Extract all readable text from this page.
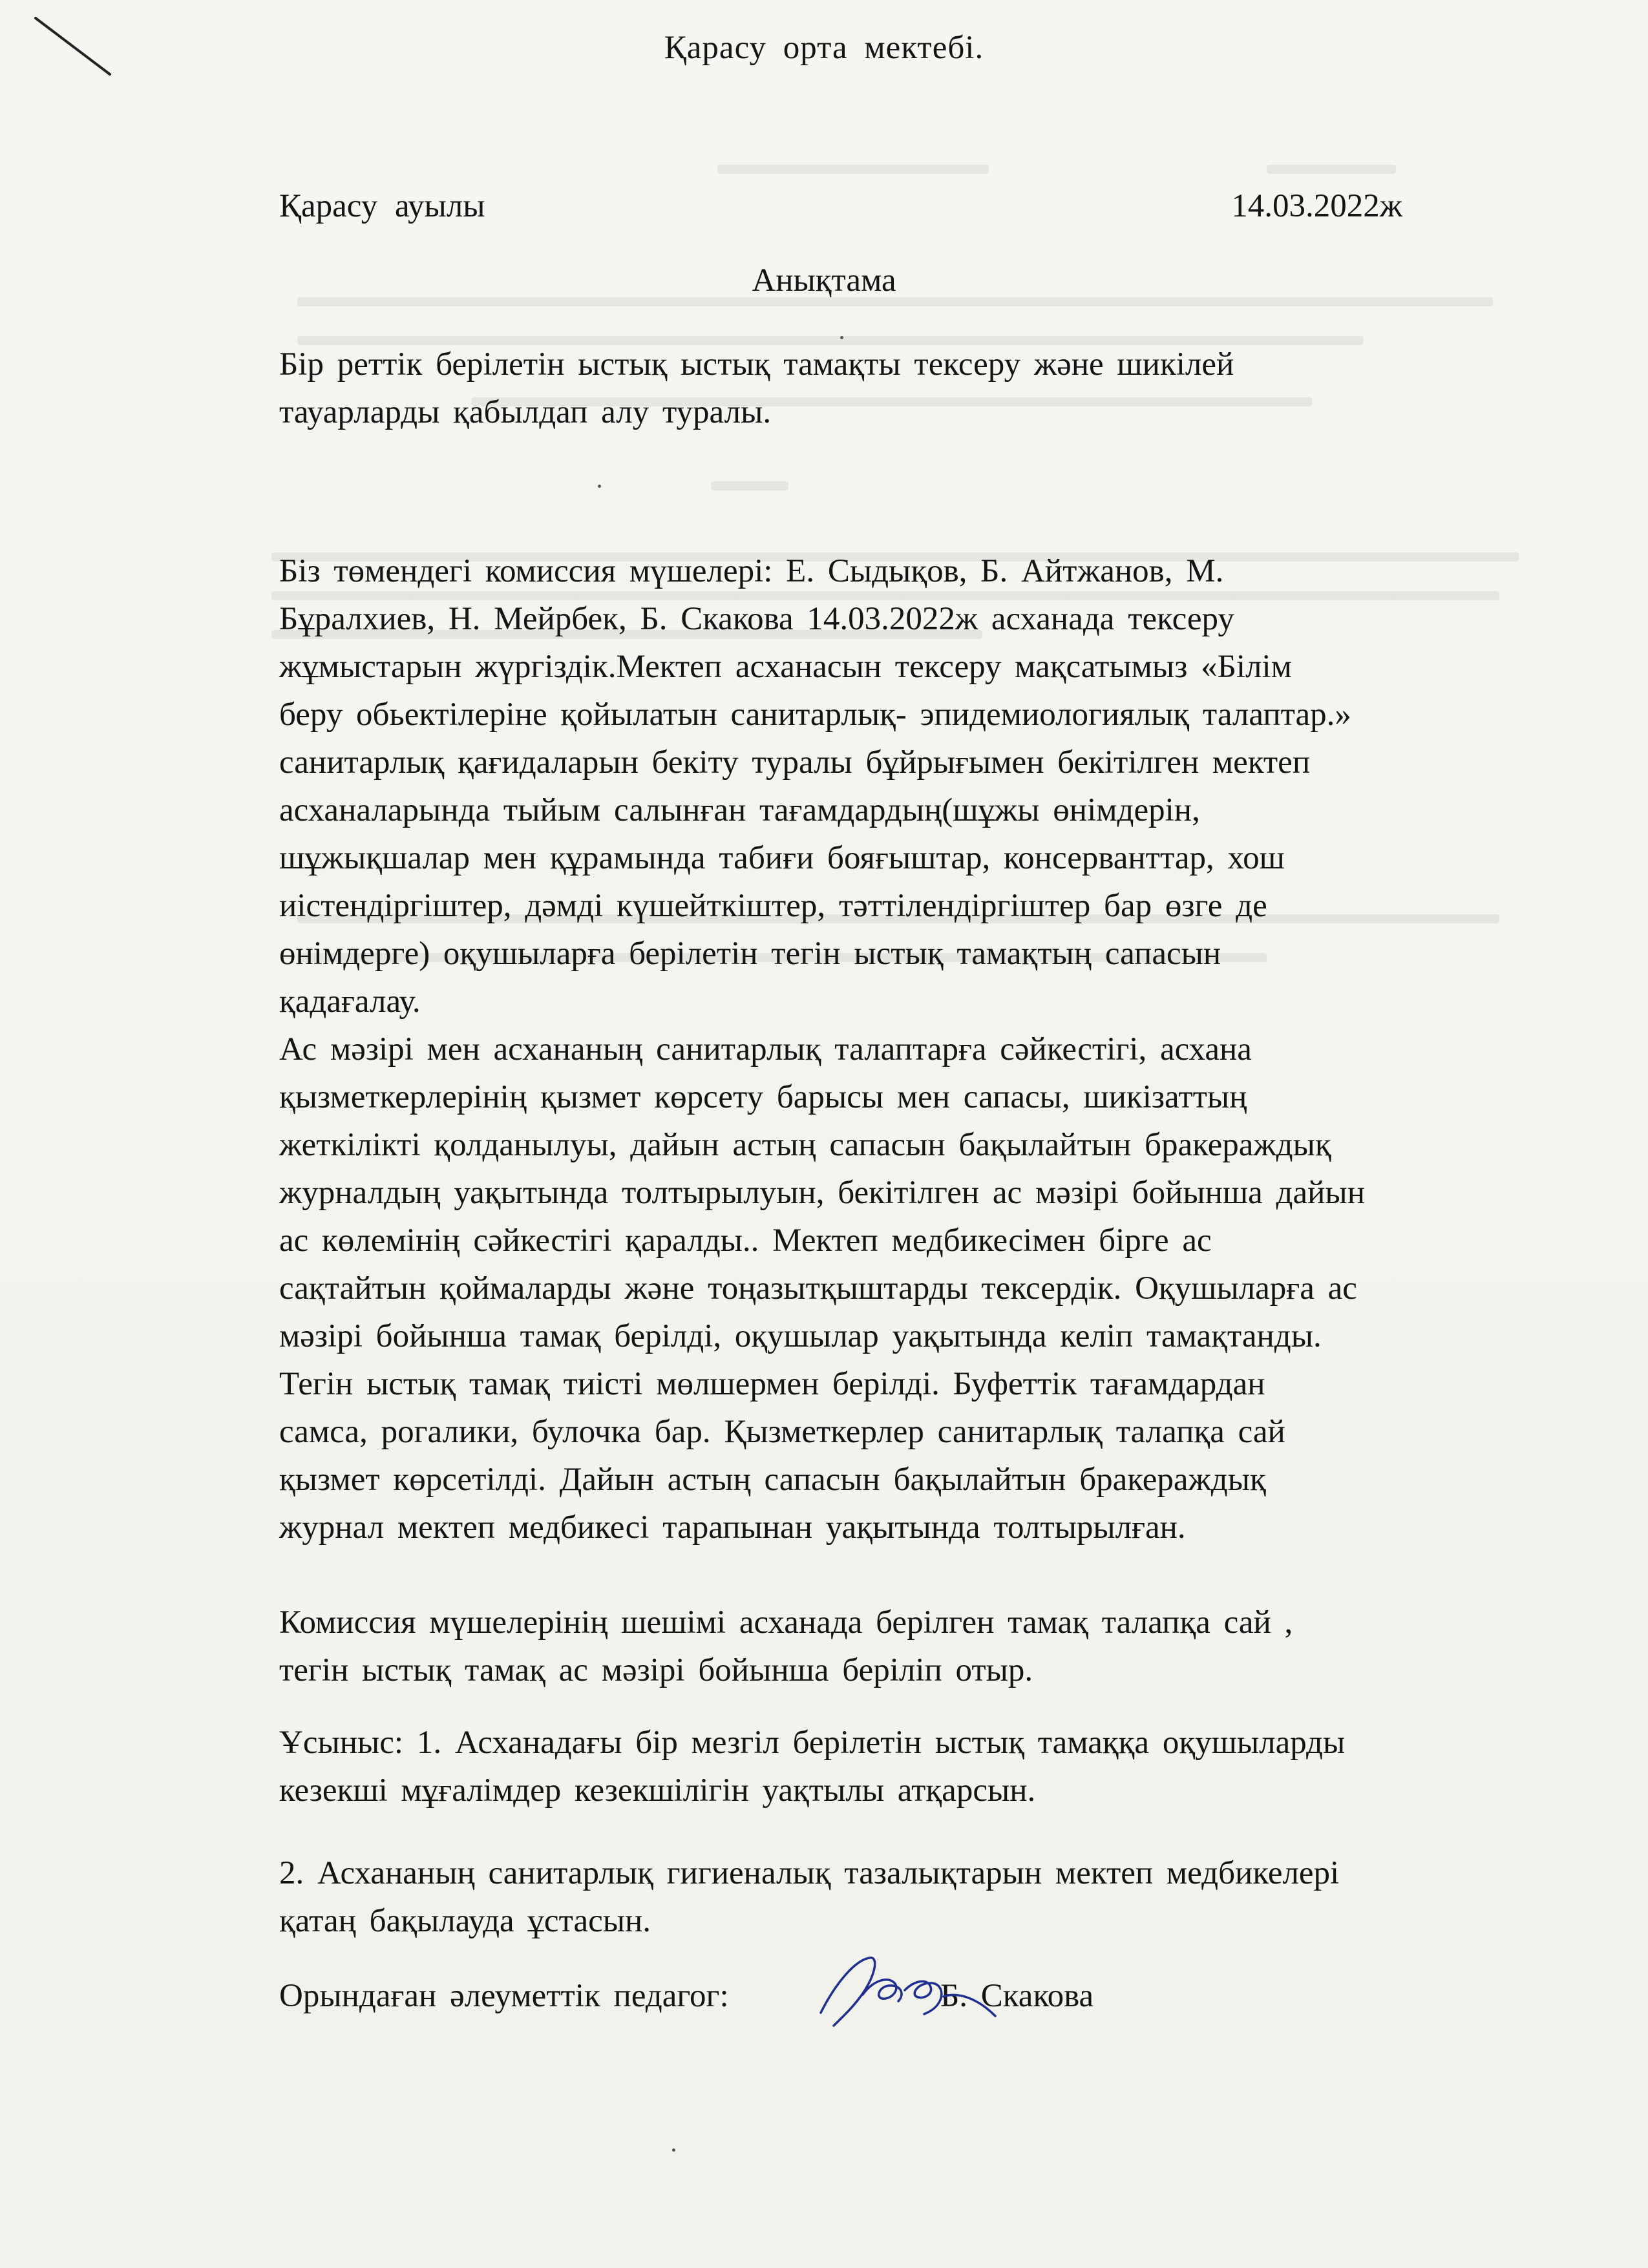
Қарасу орта мектебі.
Қарасу ауылы	14.03.2022ж
Анықтама

Бір реттік берілетін ыстық ыстық тамақты тексеру және шикілей
тауарларды қабылдап алу туралы.

Біз төмендегі комиссия мүшелері: Е. Сыдықов, Б. Айтжанов, М.
Бұралхиев, Н. Мейрбек, Б. Скакова 14.03.2022ж асханада тексеру
жұмыстарын жүргіздік.Мектеп асханасын тексеру мақсатымыз «Білім
беру обьектілеріне қойылатын санитарлық- эпидемиологиялық талаптар.»
санитарлық қағидаларын бекіту туралы бұйрығымен бекітілген мектеп
асханаларында тыйым салынған тағамдардың(шұжы өнімдерін,
шұжықшалар мен құрамында табиғи бояғыштар, консерванттар, хош
иістендіргіштер, дәмді күшейткіштер, тәттілендіргіштер бар өзге де
өнімдерге) оқушыларға берілетін тегін ыстық тамақтың сапасын
қадағалау.
Ас мәзірі мен асхананың санитарлық талаптарға сәйкестігі, асхана
қызметкерлерінің қызмет көрсету барысы мен сапасы, шикізаттың
жеткілікті қолданылуы, дайын астың сапасын бақылайтын бракераждық
журналдың уақытында толтырылуын, бекітілген ас мәзірі бойынша дайын
ас көлемінің сәйкестігі қаралды.. Мектеп медбикесімен бірге ас
сақтайтын қоймаларды және тоңазытқыштарды тексердік. Оқушыларға ас
мәзірі бойынша тамақ берілді, оқушылар уақытында келіп тамақтанды.
Тегін ыстық тамақ тиісті мөлшермен берілді. Буфеттік тағамдардан
самса, рогалики, булочка бар. Қызметкерлер санитарлық талапқа сай
қызмет көрсетілді. Дайын астың сапасын бақылайтын бракераждық
журнал мектеп медбикесі тарапынан уақытында толтырылған.

Комиссия мүшелерінің шешімі асханада берілген тамақ талапқа сай ,
тегін ыстық тамақ ас мәзірі бойынша беріліп отыр.

Ұсыныс: 1. Асханадағы бір мезгіл берілетін ыстық тамаққа оқушыларды
кезекші мұғалімдер кезекшілігін уақтылы атқарсын.

2. Асхананың санитарлық гигиеналық тазалықтарын мектеп медбикелері
қатаң бақылауда ұстасын.

Орындаған әлеуметтік педагог:	Б. Скакова
